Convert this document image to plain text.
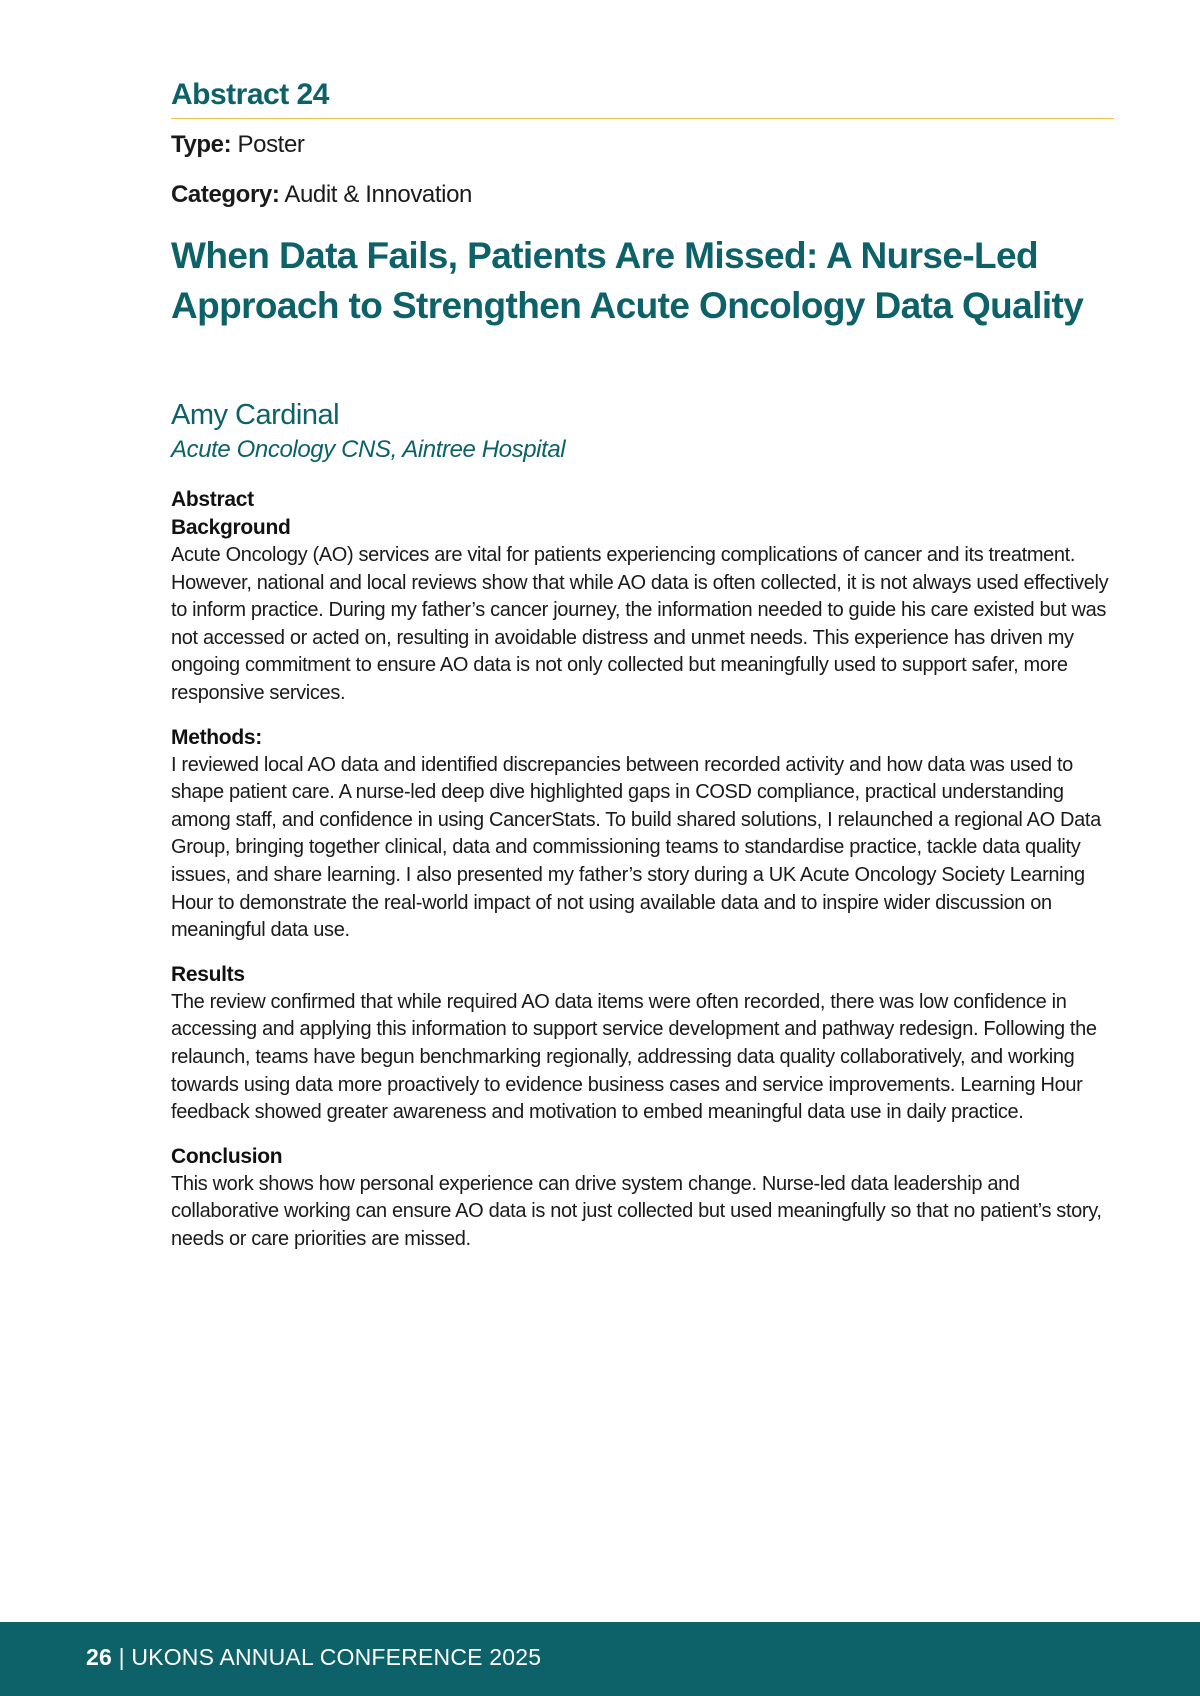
Abstract 24

Type: Poster

Category: Audit & Innovation

When Data Fails, Patients Are Missed: A Nurse-Led Approach to Strengthen Acute Oncology Data Quality

Amy Cardinal

Acute Oncology CNS, Aintree Hospital

Abstract

Background

Acute Oncology (AO) services are vital for patients experiencing complications of cancer and its treatment. However, national and local reviews show that while AO data is often collected, it is not always used effectively to inform practice. During my father’s cancer journey, the information needed to guide his care existed but was not accessed or acted on, resulting in avoidable distress and unmet needs. This experience has driven my ongoing commitment to ensure AO data is not only collected but meaningfully used to support safer, more responsive services.

Methods:

I reviewed local AO data and identified discrepancies between recorded activity and how data was used to shape patient care. A nurse-led deep dive highlighted gaps in COSD compliance, practical understanding among staff, and confidence in using CancerStats. To build shared solutions, I relaunched a regional AO Data Group, bringing together clinical, data and commissioning teams to standardise practice, tackle data quality issues, and share learning. I also presented my father’s story during a UK Acute Oncology Society Learning Hour to demonstrate the real-world impact of not using available data and to inspire wider discussion on meaningful data use.

Results

The review confirmed that while required AO data items were often recorded, there was low confidence in accessing and applying this information to support service development and pathway redesign. Following the relaunch, teams have begun benchmarking regionally, addressing data quality collaboratively, and working towards using data more proactively to evidence business cases and service improvements. Learning Hour feedback showed greater awareness and motivation to embed meaningful data use in daily practice.

Conclusion

This work shows how personal experience can drive system change. Nurse-led data leadership and collaborative working can ensure AO data is not just collected but used meaningfully so that no patient’s story, needs or care priorities are missed.

26 | UKONS ANNUAL CONFERENCE 2025
